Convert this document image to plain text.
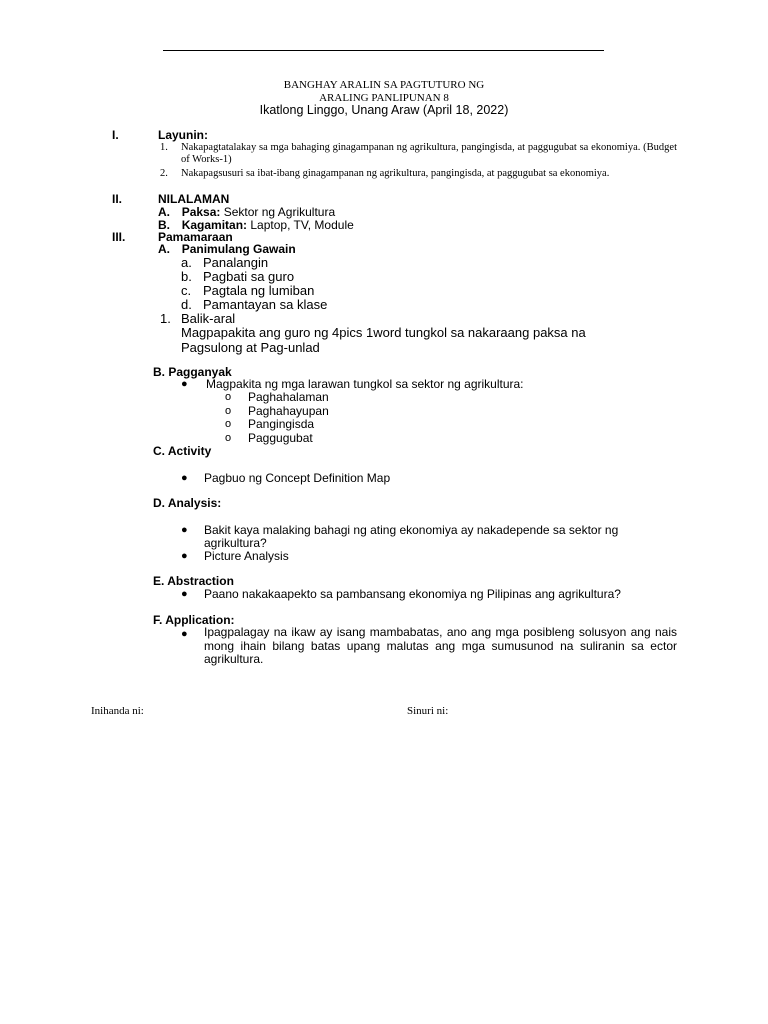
BANGHAY ARALIN SA PAGTUTURO NG
ARALING PANLIPUNAN 8
Ikatlong Linggo, Unang Araw (April 18, 2022)
I.	Layunin:
1. Nakapagtatalakay sa mga bahaging ginagampanan ng agrikultura, pangingisda, at paggugubat sa ekonomiya. (Budget of Works-1)
2. Nakapagsusuri sa ibat-ibang ginagampanan ng agrikultura, pangingisda, at paggugubat sa ekonomiya.
II.	NILALAMAN
A. Paksa: Sektor ng Agrikultura
B. Kagamitan: Laptop, TV, Module
III.	Pamamaraan
A. Panimulang Gawain
a. Panalangin
b. Pagbati sa guro
c. Pagtala ng lumiban
d. Pamantayan sa klase
1. Balik-aral
Magpapakita ang guro ng 4pics 1word tungkol sa nakaraang paksa na
Pagsulong at Pag-unlad
B. Pagganyak
● Magpakita ng mga larawan tungkol sa sektor ng agrikultura:
o Paghahalaman
o Paghahayupan
o Pangingisda
o Paggugubat
C. Activity
● Pagbuo ng Concept Definition Map
D. Analysis:
● Bakit kaya malaking bahagi ng ating ekonomiya ay nakadepende sa sektor ng
agrikultura?
● Picture Analysis
E. Abstraction
● Paano nakakaapekto sa pambansang ekonomiya ng Pilipinas ang agrikultura?
F. Application:
● Ipagpalagay na ikaw ay isang mambabatas, ano ang mga posibleng solusyon ang nais mong ihain bilang batas upang malutas ang mga sumusunod na suliranin sa ector agrikultura.
Inihanda ni:	Sinuri ni:
